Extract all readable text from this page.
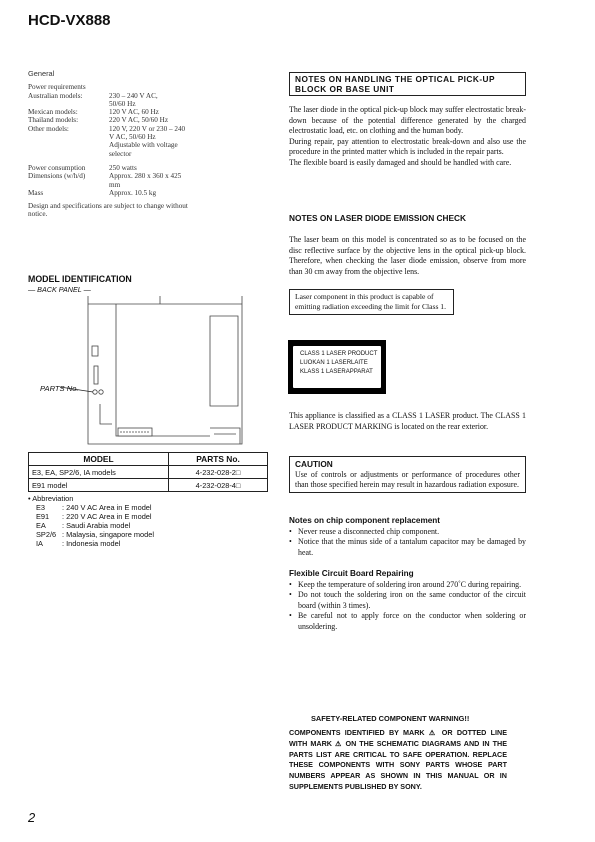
HCD-VX888
General
Power requirements
Australian models:	230 – 240 V AC, 50/60 Hz
Mexican models:	120 V AC, 60 Hz
Thailand models:	220 V AC, 50/60 Hz
Other models:	120 V, 220 V or 230 – 240 V AC, 50/60 Hz Adjustable with voltage selector
Power consumption	250 watts
Dimensions (w/h/d)	Approx. 280 x 360 x 425 mm
Mass	Approx. 10.5 kg
Design and specifications are subject to change without notice.
MODEL IDENTIFICATION
— BACK PANEL —
PARTS No.
MODEL	PARTS No.
E3, EA, SP2/6, IA models	4-232-028-2□
E91 model	4-232-028-4□
• Abbreviation
E3	: 240 V AC Area in E model
E91	: 220 V AC Area in E model
EA	: Saudi Arabia model
SP2/6 : Malaysia, singapore model
IA	: Indonesia model
NOTES ON HANDLING THE OPTICAL PICK-UP BLOCK OR BASE UNIT
The laser diode in the optical pick-up block may suffer electrostatic break-down because of the potential difference generated by the charged electrostatic load, etc. on clothing and the human body.
During repair, pay attention to electrostatic break-down and also use the procedure in the printed matter which is included in the repair parts.
The flexible board is easily damaged and should be handled with care.
NOTES ON LASER DIODE EMISSION CHECK
The laser beam on this model is concentrated so as to be focused on the disc reflective surface by the objective lens in the optical pick-up block. Therefore, when checking the laser diode emission, observe from more than 30 cm away from the objective lens.
Laser component in this product is capable of emitting radiation exceeding the limit for Class 1.
CLASS 1 LASER PRODUCT
LUOKAN 1 LASERLAITE
KLASS 1 LASERAPPARAT
This appliance is classified as a CLASS 1 LASER product. The CLASS 1 LASER PRODUCT MARKING is located on the rear exterior.
CAUTION
Use of controls or adjustments or performance of procedures other than those specified herein may result in hazardous radiation exposure.
Notes on chip component replacement
• Never reuse a disconnected chip component.
• Notice that the minus side of a tantalum capacitor may be damaged by heat.
Flexible Circuit Board Repairing
• Keep the temperature of soldering iron around 270˚C during repairing.
• Do not touch the soldering iron on the same conductor of the circuit board (within 3 times).
• Be careful not to apply force on the conductor when soldering or unsoldering.
SAFETY-RELATED COMPONENT WARNING!!
COMPONENTS IDENTIFIED BY MARK ⚠ OR DOTTED LINE WITH MARK ⚠ ON THE SCHEMATIC DIAGRAMS AND IN THE PARTS LIST ARE CRITICAL TO SAFE OPERATION. REPLACE THESE COMPONENTS WITH SONY PARTS WHOSE PART NUMBERS APPEAR AS SHOWN IN THIS MANUAL OR IN SUPPLEMENTS PUBLISHED BY SONY.
2
